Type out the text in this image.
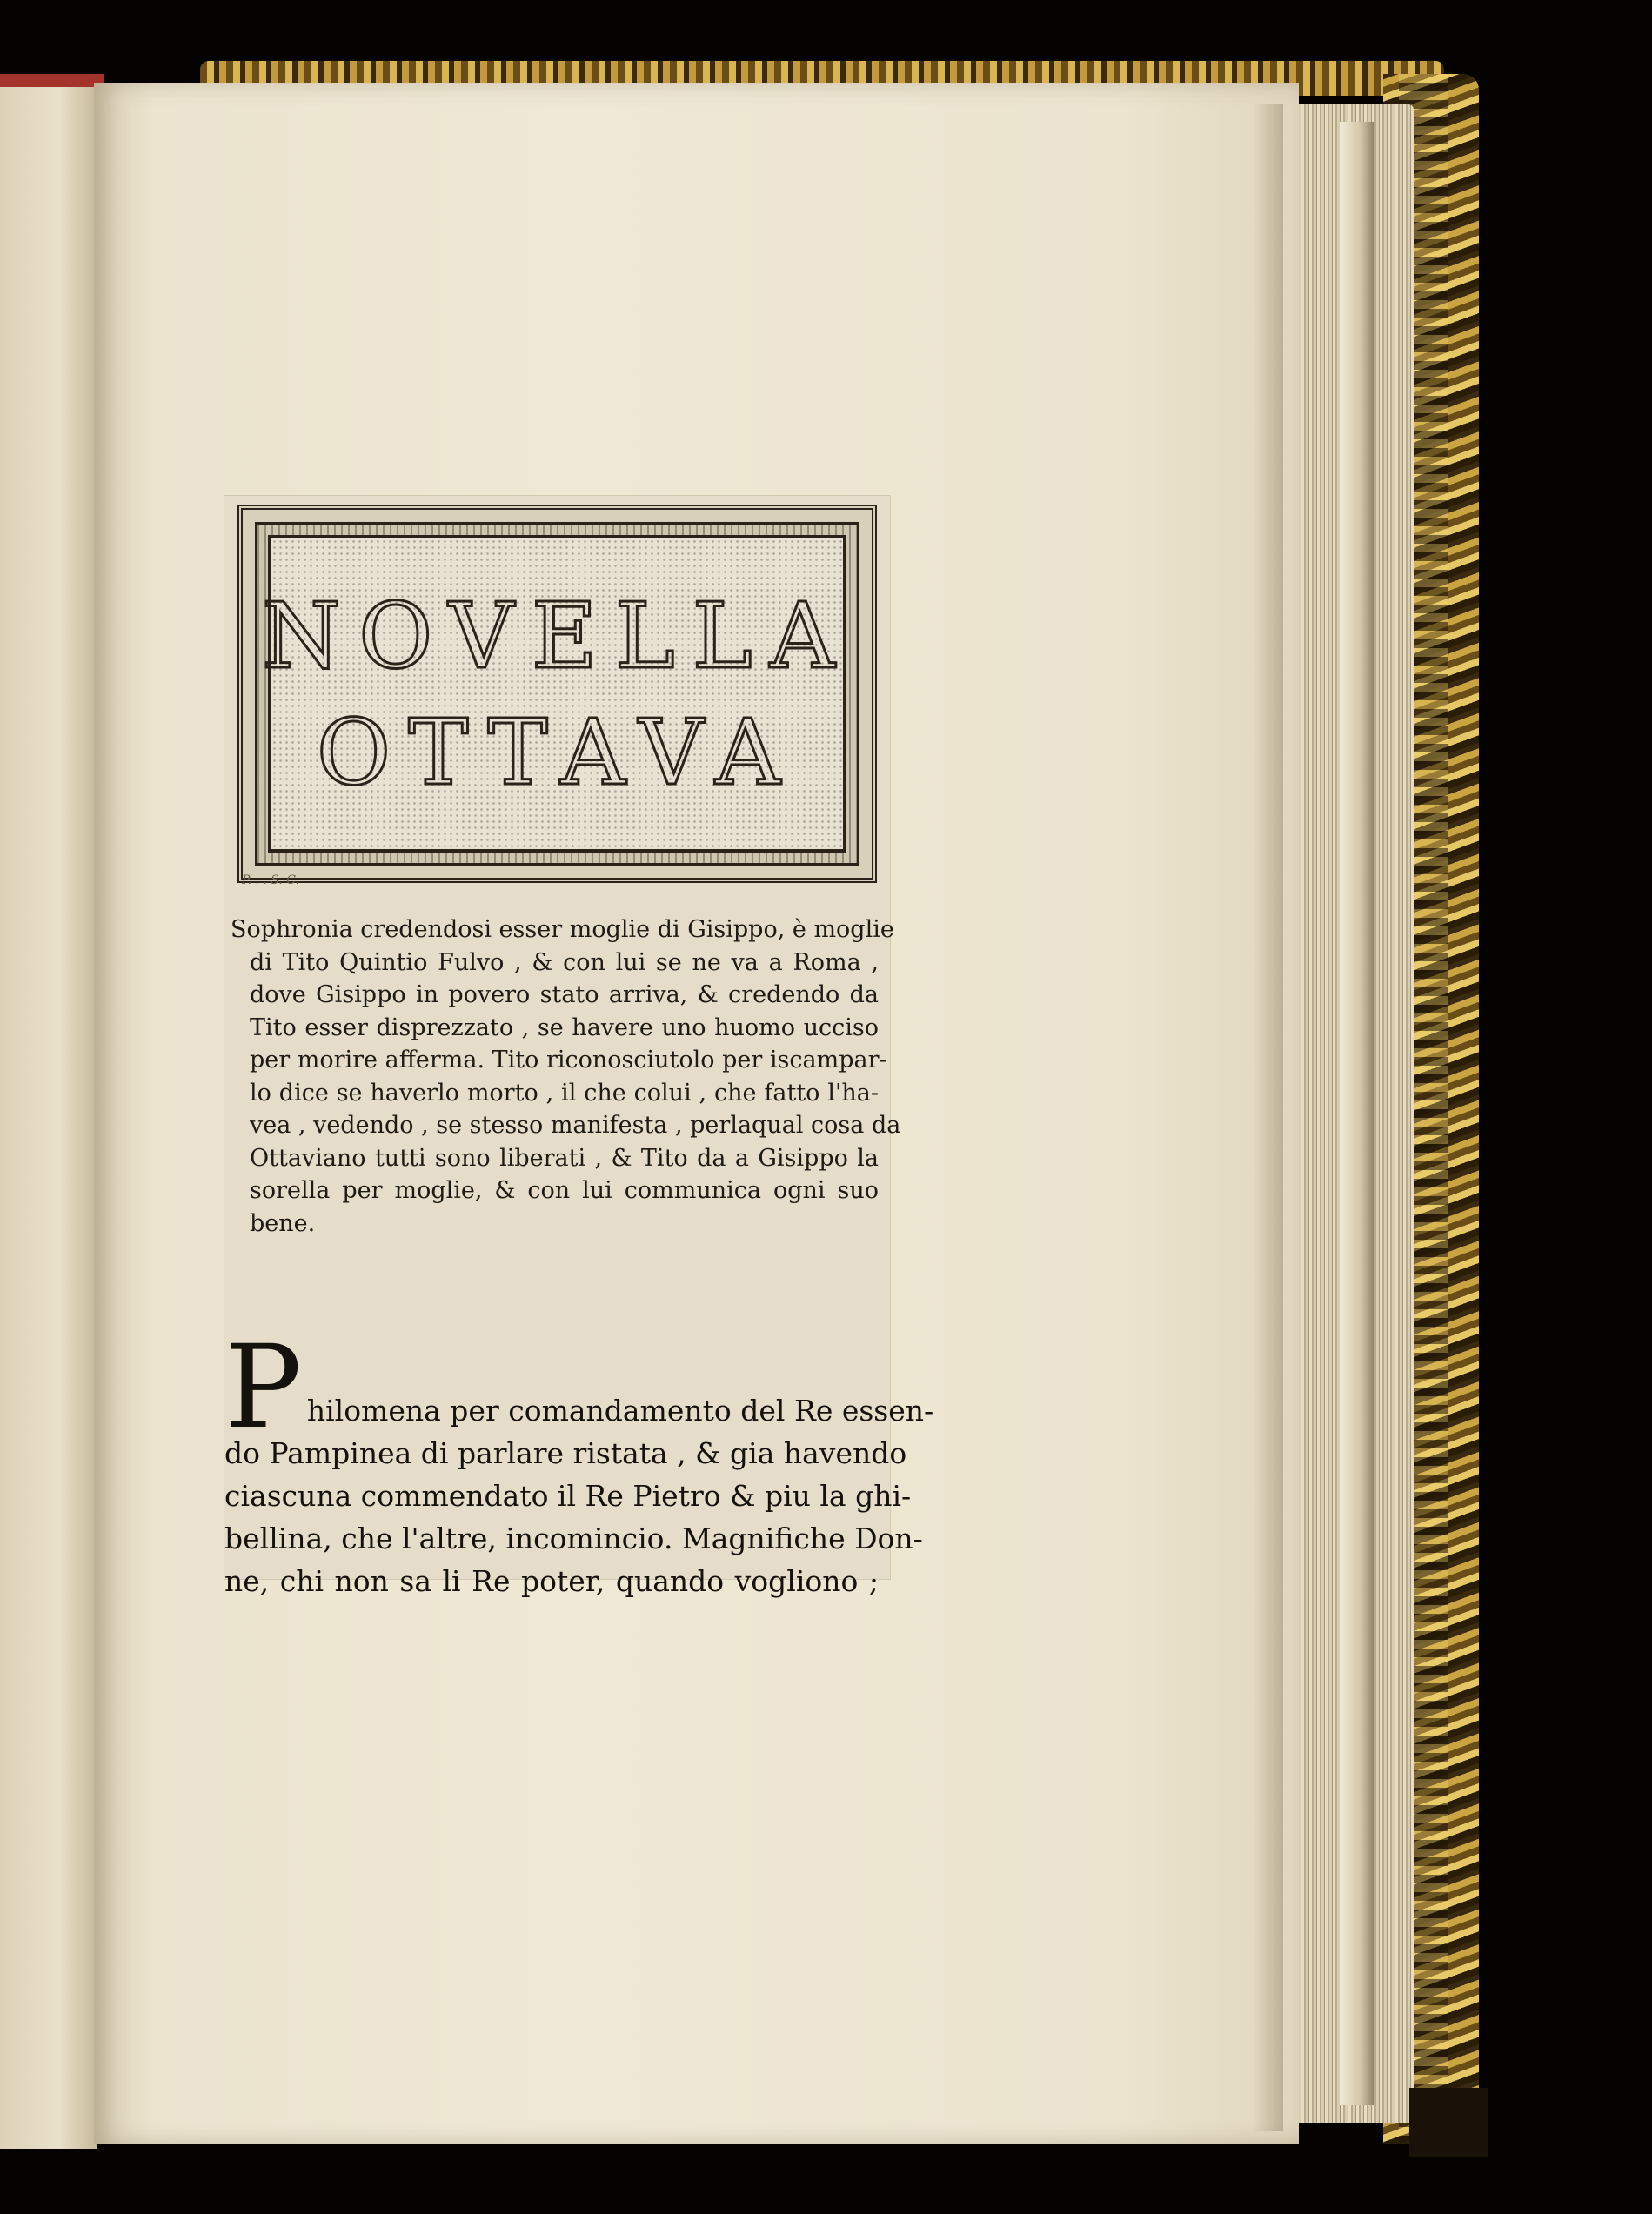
NOVELLA

OTTAVA

P. . . S. C.
Sophronia credendosi esser moglie di Gisippo, è moglie
di Tito Quintio Fulvo , & con lui se ne va a Roma ,
dove Gisippo in povero stato arriva, & credendo da
Tito esser disprezzato , se havere uno huomo ucciso
per morire afferma. Tito riconosciutolo per iscampar-
lo dice se haverlo morto , il che colui , che fatto l'ha-
vea , vedendo , se stesso manifesta , perlaqual cosa da
Ottaviano tutti sono liberati , & Tito da a Gisippo la
sorella per moglie, & con lui communica ogni suo
bene.
P hilomena per comandamento del Re essen-
do Pampinea di parlare ristata , & gia havendo
ciascuna commendato il Re Pietro & piu la ghi-
bellina, che l'altre, incomincio. Magnifiche Don-
ne, chi non sa li Re poter, quando vogliono ;
